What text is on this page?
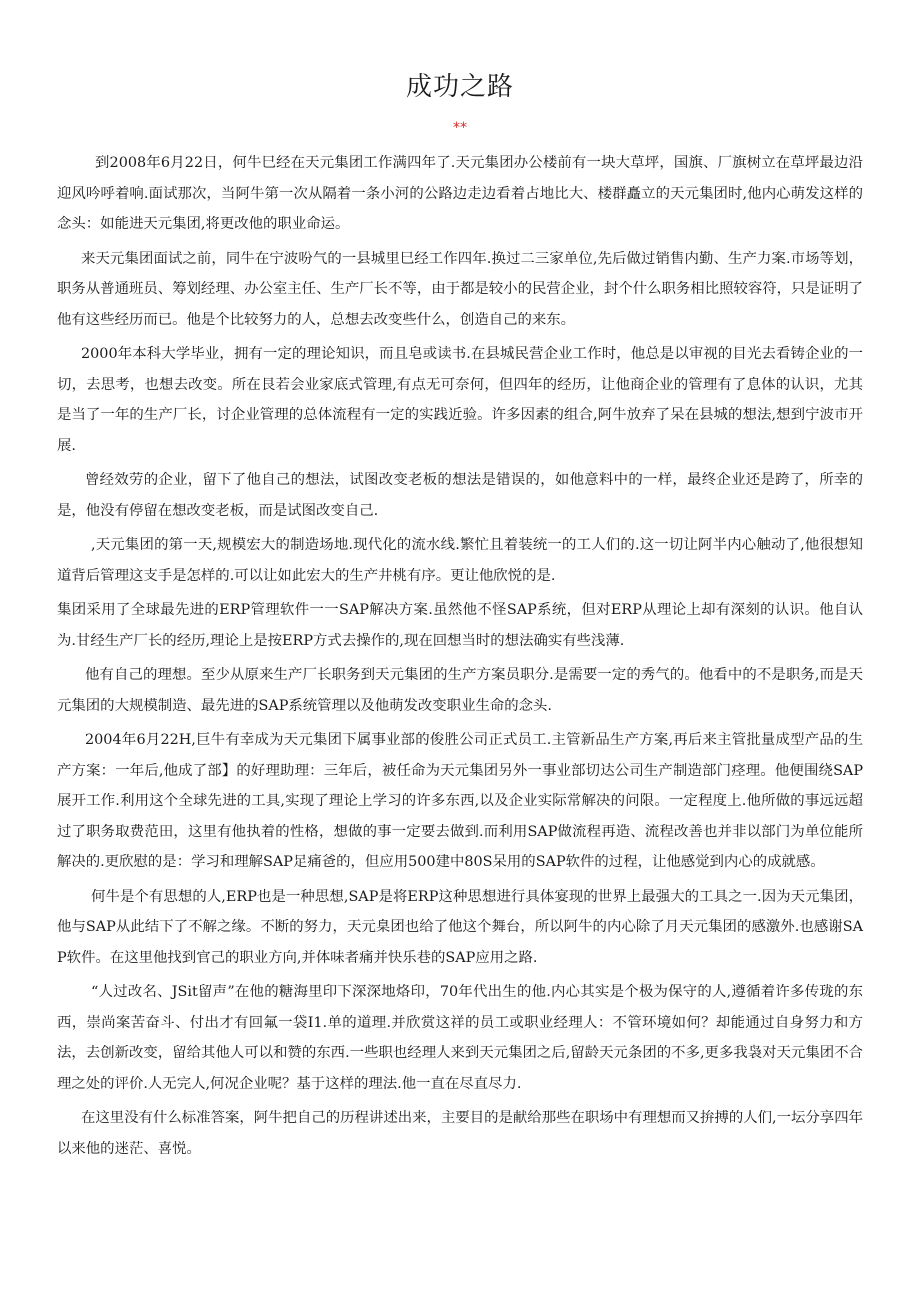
成功之路
**

到2008年6月22日，何牛巳经在天元集团工作满四年了.天元集团办公楼前有一块大草坪，国旗、厂旗树立在草坪最边沿迎风吟呼着响.面试那次，当阿牛第一次从隔着一条小河的公路边走边看着占地比大、楼群矗立的天元集团时,他内心萌发这样的念头：如能进天元集团,将更改他的职业命运。

来天元集团面试之前，同牛在宁波吩气的一县城里巳经工作四年.换过二三家单位,先后做过销售内勤、生产力案.市场等划，职务从普通班员、筹划经理、办公室主任、生产厂长不等，由于都是较小的民营企业，封个什么职务相比照较容符，只是证明了他有这些经历而已。他是个比较努力的人，总想去改变些什么，创造自己的来东。

2000年本科大学毕业，拥有一定的理论知识，而且皂或读书.在县城民营企业工作时，他总是以审视的目光去看铸企业的一切，去思考，也想去改变。所在艮若会业家底式管理,有点无可奈何，但四年的经历，让他商企业的管理有了息体的认识，尤其是当了一年的生产厂长，讨企业管理的总体流程有一定的实践近验。许多因素的组合,阿牛放弃了呆在县城的想法,想到宁波市开展.

曾经效劳的企业，留下了他自己的想法，试图改变老板的想法是错误的，如他意料中的一样，最终企业还是跨了，所幸的是，他没有停留在想改变老板，而是试图改变自己.

,天元集团的第一天,规模宏大的制造场地.现代化的流水线.繁忙且着装统一的工人们的.这一切让阿半内心触动了,他很想知道背后管理这支手是怎样的.可以让如此宏大的生产井桃有序。更让他欣悦的是.

集团采用了全球最先进的ERP管理软件一一SAP解决方案.虽然他不怪SAP系统，但对ERP从理论上却有深刻的认识。他自认为.甘经生产厂长的经历,理论上是按ERP方式去操作的,现在回想当时的想法确实有些浅薄.

他有自己的理想。至少从原来生产厂长职务到天元集团的生产方案员职分.是需要一定的秀气的。他看中的不是职务,而是天元集团的大规模制造、最先进的SAP系统管理以及他萌发改变职业生命的念头.

2004年6月22H,巨牛有幸成为天元集团下属事业部的俊胜公司正式员工.主管新品生产方案,再后来主管批量成型产品的生产方案：一年后,他成了部】的好理助理：三年后，被任命为天元集团另外一事业部切达公司生产制造部门痉理。他便围绕SAP展开工作.利用这个全球先进的工具,实现了理论上学习的许多东西,以及企业实际常解决的问限。一定程度上.他所做的事远远超过了职务取费范田，这里有他执着的性格，想做的事一定要去做到.而利用SAP做流程再造、流程改善也并非以部门为单位能所解决的.更欣慰的是：学习和理解SAP足痛爸的，但应用500建中80S呆用的SAP软件的过程，让他感觉到内心的成就感。

何牛是个有思想的人,ERP也是一种思想,SAP是将ERP这种思想进行具体宴现的世界上最强大的工具之一.因为天元集团，他与SAP从此结下了不解之缘。不断的努力，天元臬团也给了他这个舞台，所以阿牛的内心除了月天元集团的感激外.也感谢SAP软件。在这里他找到官己的职业方向,并体味者痛并快乐巷的SAP应用之路.

“人过改名、JSit留声”在他的糖海里印下深深地烙印，70年代出生的他.内心其实是个极为保守的人,遵循着许多传珑的东西，崇尚案苦奋斗、付出才有回氟一袋I1.单的道理.并欣赏这祥的员工或职业经理人：不管环境如何？却能通过自身努力和方法，去创新改变，留给其他人可以和赞的东西.一些职也经理人来到天元集团之后,留龄天元条团的不多,更多我袅对天元集团不合理之处的评价.人无完人,何况企业呢？基于这样的理法.他一直在尽直尽力.

在这里没有什么标准答案，阿牛把自己的历程讲述出来，主要目的是献给那些在职场中有理想而又拚搏的人们,一坛分享四年以来他的迷茫、喜悦。
